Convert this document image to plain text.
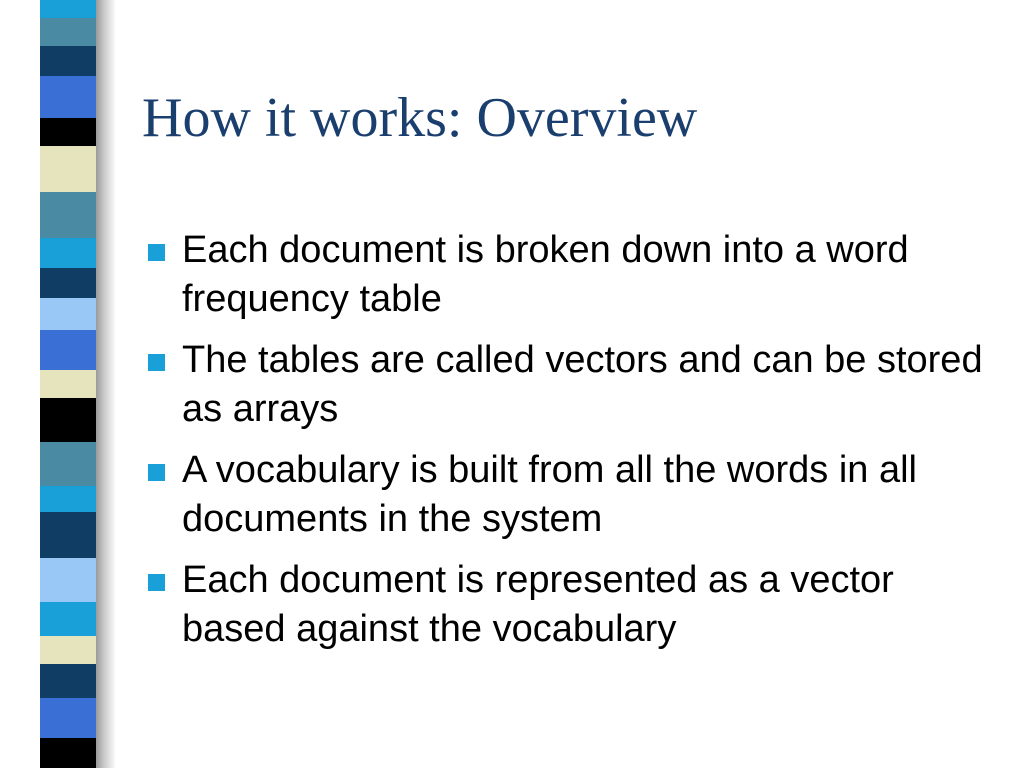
How it works: Overview
Each document is broken down into a word frequency table
The tables are called vectors and can be stored as arrays
A vocabulary is built from all the words in all documents in the system
Each document is represented as a vector based against the vocabulary
